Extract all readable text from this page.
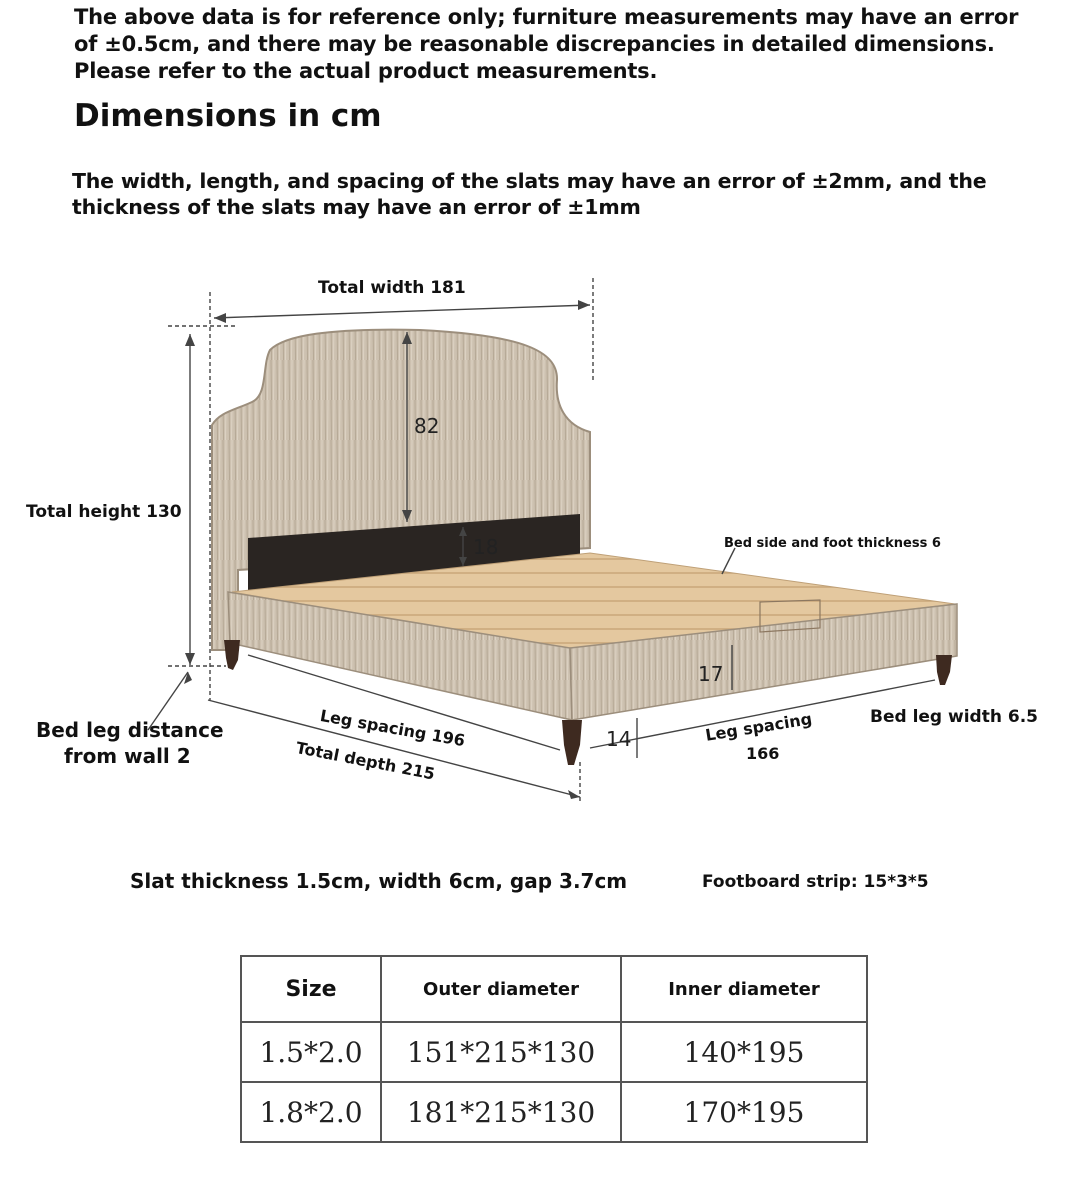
The above data is for reference only; furniture measurements may have an error of ±0.5cm, and there may be reasonable discrepancies in detailed dimensions. Please refer to the actual product measurements.
Dimensions in cm
The width, length, and spacing of the slats may have an error of ±2mm, and the thickness of the slats may have an error of ±1mm
Total width 181
Total height 130
82
18	Bed side and foot thickness 6
17
14
Leg spacing 196
Total depth 215
Leg spacing
166
Bed leg width 6.5
Bed leg distance
from wall 2
Slat thickness 1.5cm, width 6cm, gap 3.7cm	Footboard strip: 15*3*5
Size	Outer diameter	Inner diameter
1.5*2.0	151*215*130	140*195
1.8*2.0	181*215*130	170*195
